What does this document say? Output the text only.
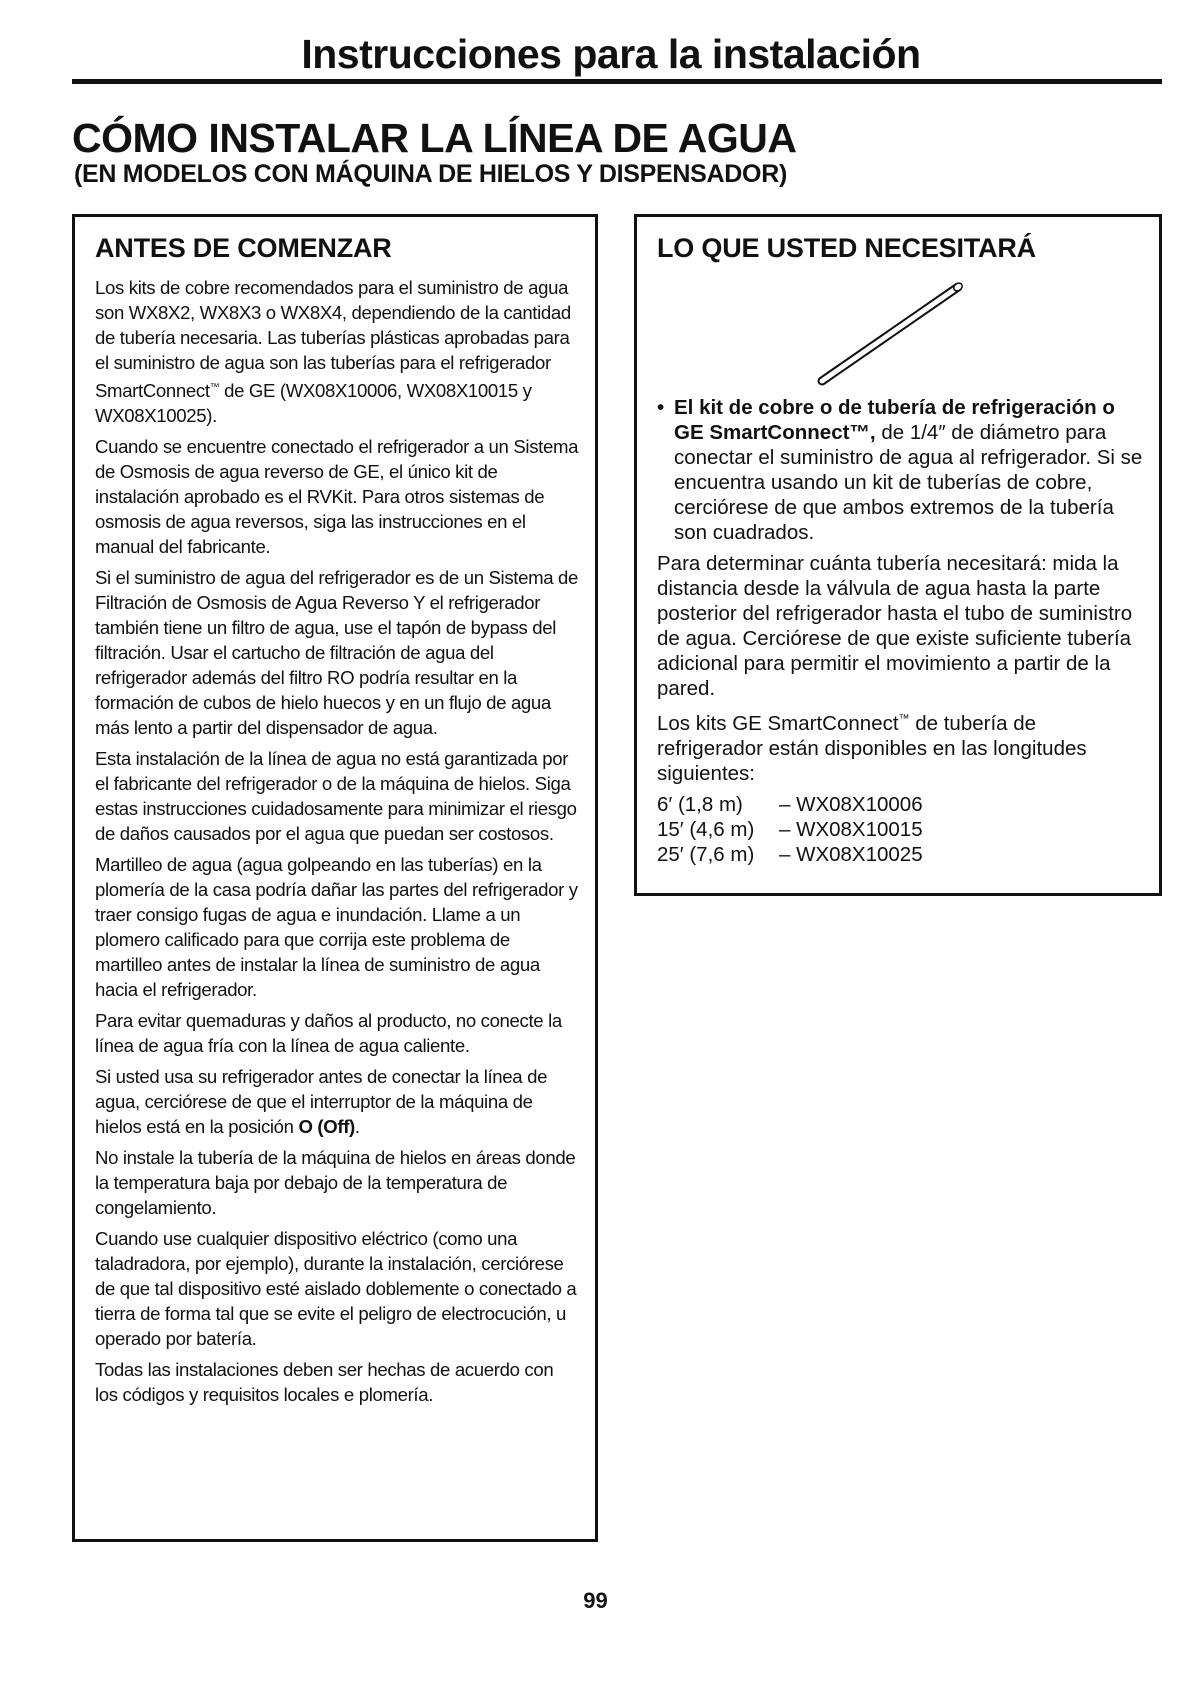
Instrucciones para la instalación
CÓMO INSTALAR LA LÍNEA DE AGUA
(EN MODELOS CON MÁQUINA DE HIELOS Y DISPENSADOR)
ANTES DE COMENZAR

Los kits de cobre recomendados para el suministro de agua son WX8X2, WX8X3 o WX8X4, dependiendo de la cantidad de tubería necesaria. Las tuberías plásticas aprobadas para el suministro de agua son las tuberías para el refrigerador SmartConnect™ de GE (WX08X10006, WX08X10015 y WX08X10025).

Cuando se encuentre conectado el refrigerador a un Sistema de Osmosis de agua reverso de GE, el único kit de instalación aprobado es el RVKit. Para otros sistemas de osmosis de agua reversos, siga las instrucciones en el manual del fabricante.

Si el suministro de agua del refrigerador es de un Sistema de Filtración de Osmosis de Agua Reverso Y el refrigerador también tiene un filtro de agua, use el tapón de bypass del filtración. Usar el cartucho de filtración de agua del refrigerador además del filtro RO podría resultar en la formación de cubos de hielo huecos y en un flujo de agua más lento a partir del dispensador de agua.

Esta instalación de la línea de agua no está garantizada por el fabricante del refrigerador o de la máquina de hielos. Siga estas instrucciones cuidadosamente para minimizar el riesgo de daños causados por el agua que puedan ser costosos.

Martilleo de agua (agua golpeando en las tuberías) en la plomería de la casa podría dañar las partes del refrigerador y traer consigo fugas de agua e inundación. Llame a un plomero calificado para que corrija este problema de martilleo antes de instalar la línea de suministro de agua hacia el refrigerador.

Para evitar quemaduras y daños al producto, no conecte la línea de agua fría con la línea de agua caliente.

Si usted usa su refrigerador antes de conectar la línea de agua, cerciórese de que el interruptor de la máquina de hielos está en la posición O (Off).

No instale la tubería de la máquina de hielos en áreas donde la temperatura baja por debajo de la temperatura de congelamiento.

Cuando use cualquier dispositivo eléctrico (como una taladradora, por ejemplo), durante la instalación, cerciórese de que tal dispositivo esté aislado doblemente o conectado a tierra de forma tal que se evite el peligro de electrocución, u operado por batería.

Todas las instalaciones deben ser hechas de acuerdo con los códigos y requisitos locales e plomería.

LO QUE USTED NECESITARÁ
• El kit de cobre o de tubería de refrigeración o GE SmartConnect™, de 1/4″ de diámetro para conectar el suministro de agua al refrigerador. Si se encuentra usando un kit de tuberías de cobre, cerciórese de que ambos extremos de la tubería son cuadrados.

Para determinar cuánta tubería necesitará: mida la distancia desde la válvula de agua hasta la parte posterior del refrigerador hasta el tubo de suministro de agua. Cerciórese de que existe suficiente tubería adicional para permitir el movimiento a partir de la pared.

Los kits GE SmartConnect™ de tubería de refrigerador están disponibles en las longitudes siguientes:

6′ (1,8 m)	– WX08X10006
15′ (4,6 m)	– WX08X10015
25′ (7,6 m)	– WX08X10025
99
